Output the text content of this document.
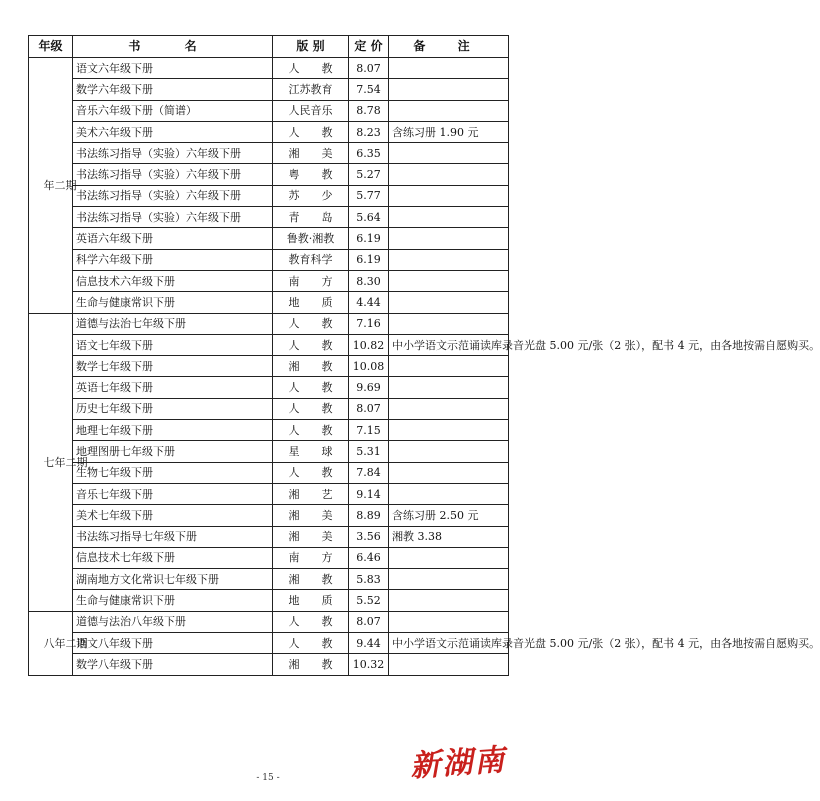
年级	书 名	版 别	定 价	备 注
年二期	语文六年级下册	人　　教	8.07	
	数学六年级下册	江苏教育	7.54	
	音乐六年级下册（简谱）	人民音乐	8.78	
	美术六年级下册	人　　教	8.23	含练习册 1.90 元
	书法练习指导（实验）六年级下册	湘　　美	6.35	
	书法练习指导（实验）六年级下册	粤　　教	5.27	
	书法练习指导（实验）六年级下册	苏　　少	5.77	
	书法练习指导（实验）六年级下册	青　　岛	5.64	
	英语六年级下册	鲁教·湘教	6.19	
	科学六年级下册	教育科学	6.19	
	信息技术六年级下册	南　　方	8.30	
	生命与健康常识下册	地　　质	4.44	
七年二期	道德与法治七年级下册	人　　教	7.16	
	语文七年级下册	人　　教	10.82	中小学语文示范诵读库录音光盘 5.00 元/张（2 张），配书 4 元，由各地按需自愿购买。
	数学七年级下册	湘　　教	10.08	
	英语七年级下册	人　　教	9.69	
	历史七年级下册	人　　教	8.07	
	地理七年级下册	人　　教	7.15	
	地理图册七年级下册	星　　球	5.31	
	生物七年级下册	人　　教	7.84	
	音乐七年级下册	湘　　艺	9.14	
	美术七年级下册	湘　　美	8.89	含练习册 2.50 元
	书法练习指导七年级下册	湘　　美	3.56	湘教 3.38
	信息技术七年级下册	南　　方	6.46	
	湖南地方文化常识七年级下册	湘　　教	5.83	
	生命与健康常识下册	地　　质	5.52	
八年二期	道德与法治八年级下册	人　　教	8.07	
	语文八年级下册	人　　教	9.44	中小学语文示范诵读库录音光盘 5.00 元/张（2 张），配书 4 元，由各地按需自愿购买。
	数学八年级下册	湘　　教	10.32	
- 15 -	新湖南
